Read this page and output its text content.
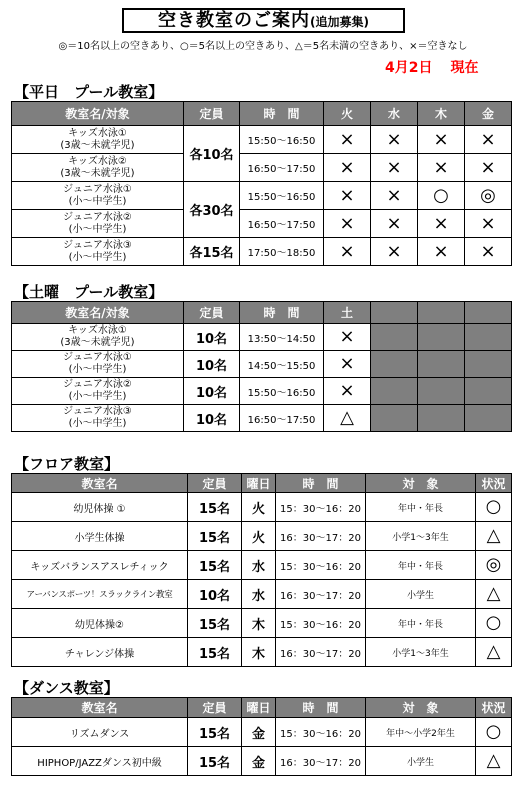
空き教室のご案内(追加募集)
◎＝10名以上の空きあり、○＝5名以上の空きあり、△＝5名未満の空きあり、×＝空きなし
4月2日 現在
【平日　プール教室】
教室名/対象	定員	時　間	火	水	木	金

キッズ水泳①
(3歳～未就学児)	各10名	15:50～16:50	×	×	×	×

キッズ水泳②
(3歳～未就学児)		16:50～17:50	×	×	×	×

ジュニア水泳①
(小～中学生)	各30名	15:50～16:50	×	×	○	◎

ジュニア水泳②
(小～中学生)		16:50～17:50	×	×	×	×

ジュニア水泳③
(小～中学生)	各15名	17:50～18:50	×	×	×	×
【土曜　プール教室】
教室名/対象	定員	時　間	土			

キッズ水泳①
(3歳～未就学児)	10名	13:50～14:50	×			

ジュニア水泳①
(小～中学生)	10名	14:50～15:50	×			

ジュニア水泳②
(小～中学生)	10名	15:50～16:50	×			

ジュニア水泳③
(小～中学生)	10名	16:50～17:50	△			
【フロア教室】
教室名	定員	曜日	時　間	対　象	状況
幼児体操 ①	15名	火	15：30～16：20	年中・年長	○
小学生体操	15名	火	16：30～17：20	小学1～3年生	△
キッズバランスアスレチィック	15名	水	15：30～16：20	年中・年長	◎
アーバンスポーツ！スラックライン教室	10名	水	16：30～17：20	小学生	△
幼児体操②	15名	木	15：30～16：20	年中・年長	○
チャレンジ体操	15名	木	16：30～17：20	小学1～3年生	△
【ダンス教室】
教室名	定員	曜日	時　間	対　象	状況
リズムダンス	15名	金	15：30～16：20	年中～小学2年生	○
HIPHOP/JAZZダンス初中級	15名	金	16：30～17：20	小学生	△
